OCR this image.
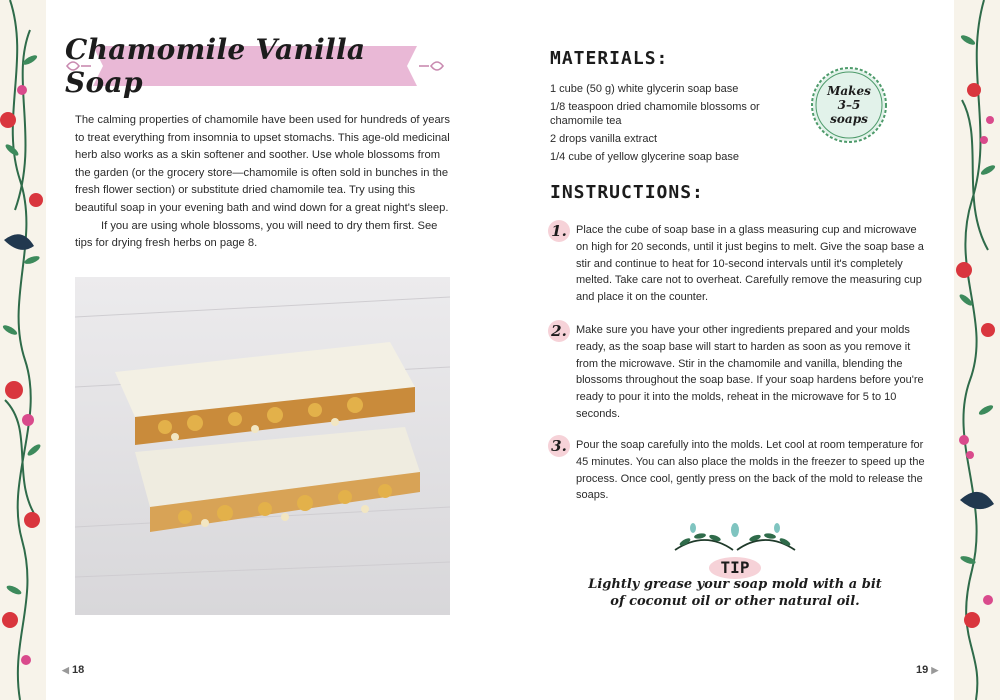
Chamomile Vanilla Soap

The calming properties of chamomile have been used for hundreds of years to treat everything from insomnia to upset stomachs. This age-old medicinal herb also works as a skin softener and soother. Use whole blossoms from the garden (or the grocery store—chamomile is often sold in bunches in the fresh flower section) or substitute dried chamomile tea. Try using this beautiful soap in your evening bath and wind down for a great night's sleep.

If you are using whole blossoms, you will need to dry them first. See tips for drying fresh herbs on page 8.

◀ 18
MATERIALS:
1 cube (50 g) white glycerin soap base
1/8 teaspoon dried chamomile blossoms or chamomile tea
2 drops vanilla extract
1/4 cube of yellow glycerine soap base
Makes 3–5 soaps
INSTRUCTIONS:
1. Place the cube of soap base in a glass measuring cup and microwave on high for 20 seconds, until it just begins to melt. Give the soap base a stir and continue to heat for 10-second intervals until it's completely melted. Take care not to overheat. Carefully remove the measuring cup and place it on the counter.
2. Make sure you have your other ingredients prepared and your molds ready, as the soap base will start to harden as soon as you remove it from the microwave. Stir in the chamomile and vanilla, blending the blossoms throughout the soap base. If your soap hardens before you're ready to pour it into the molds, reheat in the microwave for 5 to 10 seconds.
3. Pour the soap carefully into the molds. Let cool at room temperature for 45 minutes. You can also place the molds in the freezer to speed up the process. Once cool, gently press on the back of the mold to release the soaps.
TIP
Lightly grease your soap mold with a bit of coconut oil or other natural oil.
19 ▶
